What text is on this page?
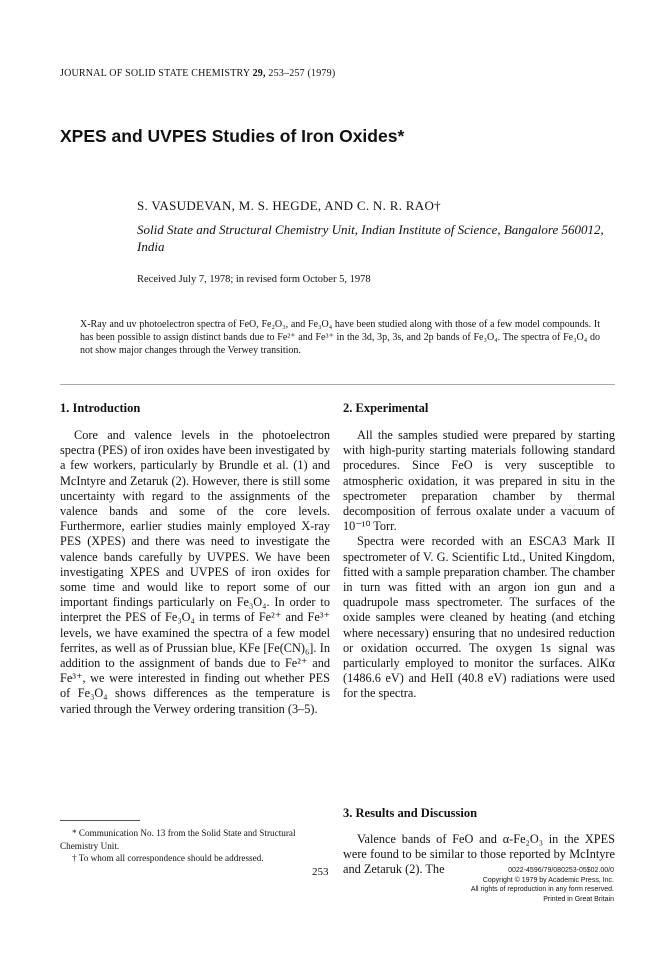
JOURNAL OF SOLID STATE CHEMISTRY 29, 253–257 (1979)
XPES and UVPES Studies of Iron Oxides*
S. VASUDEVAN, M. S. HEGDE, AND C. N. R. RAO†
Solid State and Structural Chemistry Unit, Indian Institute of Science, Bangalore 560012, India
Received July 7, 1978; in revised form October 5, 1978
X-Ray and uv photoelectron spectra of FeO, Fe₂O₃, and Fe₃O₄ have been studied along with those of a few model compounds. It has been possible to assign distinct bands due to Fe²⁺ and Fe³⁺ in the 3d, 3p, 3s, and 2p bands of Fe₃O₄. The spectra of Fe₃O₄ do not show major changes through the Verwey transition.
1. Introduction

Core and valence levels in the photoelectron spectra (PES) of iron oxides have been investigated by a few workers, particularly by Brundle et al. (1) and McIntyre and Zetaruk (2). However, there is still some uncertainty with regard to the assignments of the valence bands and some of the core levels. Furthermore, earlier studies mainly employed X-ray PES (XPES) and there was need to investigate the valence bands carefully by UVPES. We have been investigating XPES and UVPES of iron oxides for some time and would like to report some of our important findings particularly on Fe₃O₄. In order to interpret the PES of Fe₃O₄ in terms of Fe²⁺ and Fe³⁺ levels, we have examined the spectra of a few model ferrites, as well as of Prussian blue, KFe [Fe(CN)₆]. In addition to the assignment of bands due to Fe²⁺ and Fe³⁺, we were interested in finding out whether PES of Fe₃O₄ shows differences as the temperature is varied through the Verwey ordering transition (3–5).

2. Experimental

All the samples studied were prepared by starting with high-purity starting materials following standard procedures. Since FeO is very susceptible to atmospheric oxidation, it was prepared in situ in the spectrometer preparation chamber by thermal decomposition of ferrous oxalate under a vacuum of 10⁻¹⁰ Torr.

Spectra were recorded with an ESCA3 Mark II spectrometer of V. G. Scientific Ltd., United Kingdom, fitted with a sample preparation chamber. The chamber in turn was fitted with an argon ion gun and a quadrupole mass spectrometer. The surfaces of the oxide samples were cleaned by heating (and etching where necessary) ensuring that no undesired reduction or oxidation occurred. The oxygen 1s signal was particularly employed to monitor the surfaces. AlKα (1486.6 eV) and HeII (40.8 eV) radiations were used for the spectra.

3. Results and Discussion

Valence bands of FeO and α-Fe₂O₃ in the XPES were found to be similar to those reported by McIntyre and Zetaruk (2). The

* Communication No. 13 from the Solid State and Structural Chemistry Unit.
† To whom all correspondence should be addressed.
253	0022-4596/79/080253-05$02.00/0
Copyright © 1979 by Academic Press, Inc.
All rights of reproduction in any form reserved.
Printed in Great Britain
